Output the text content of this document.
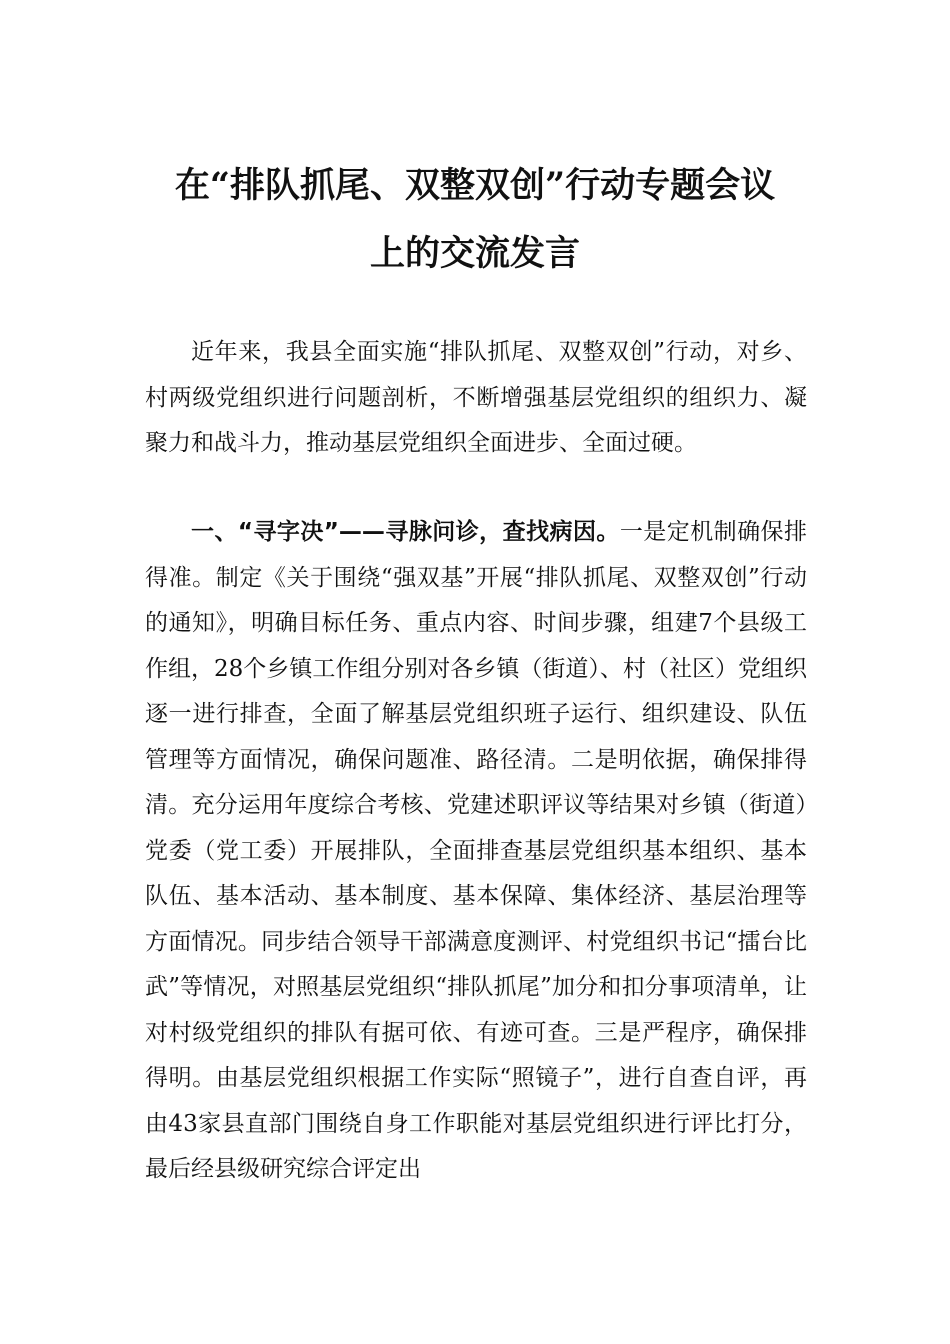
在“排队抓尾、双整双创”行动专题会议
上的交流发言

近年来，我县全面实施“排队抓尾、双整双创”行动，对乡、村两级党组织进行问题剖析，不断增强基层党组织的组织力、凝聚力和战斗力，推动基层党组织全面进步、全面过硬。

一、“寻字决”——寻脉问诊，查找病因。一是定机制确保排得准。制定《关于围绕“强双基”开展“排队抓尾、双整双创”行动的通知》，明确目标任务、重点内容、时间步骤，组建7个县级工作组，28个乡镇工作组分别对各乡镇（街道）、村（社区）党组织逐一进行排查，全面了解基层党组织班子运行、组织建设、队伍管理等方面情况，确保问题准、路径清。二是明依据，确保排得清。充分运用年度综合考核、党建述职评议等结果对乡镇（街道）党委（党工委）开展排队，全面排查基层党组织基本组织、基本队伍、基本活动、基本制度、基本保障、集体经济、基层治理等方面情况。同步结合领导干部满意度测评、村党组织书记“擂台比武”等情况，对照基层党组织“排队抓尾”加分和扣分事项清单，让对村级党组织的排队有据可依、有迹可查。三是严程序，确保排得明。由基层党组织根据工作实际“照镜子”，进行自查自评，再由43家县直部门围绕自身工作职能对基层党组织进行评比打分，最后经县级研究综合评定出
